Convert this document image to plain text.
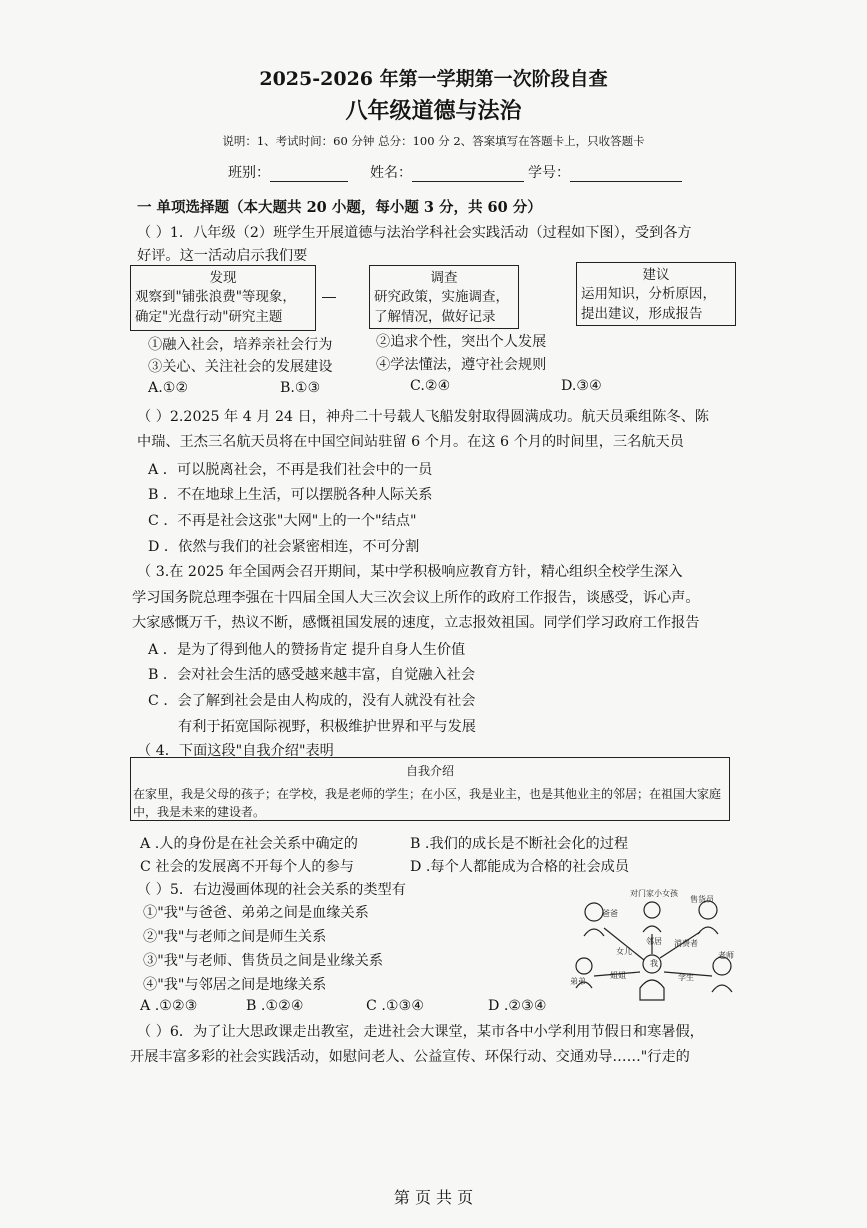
2025-2026 年第一学期第一次阶段自查
八年级道德与法治
说明：1、考试时间：60 分钟 总分：100 分 2、答案填写在答题卡上，只收答题卡
班别：	姓名：	学号：
一 单项选择题（本大题共 20 小题，每小题 3 分，共 60 分）
（ ）1．八年级（2）班学生开展道德与法治学科社会实践活动（过程如下图），受到各方
好评。这一活动启示我们要
发现
观察到"铺张浪费"等现象，
确定"光盘行动"研究主题
调查
研究政策，实施调查，
了解情况，做好记录
建议
运用知识，分析原因，
提出建议，形成报告
①融入社会，培养亲社会行为	②追求个性，突出个人发展
③关心、关注社会的发展建设	④学法懂法，遵守社会规则
A.①②	B.①③	C.②④	D.③④
（ ）2.2025 年 4 月 24 日，神舟二十号载人飞船发射取得圆满成功。航天员乘组陈冬、陈
中瑞、王杰三名航天员将在中国空间站驻留 6 个月。在这 6 个月的时间里，三名航天员
A ．可以脱离社会，不再是我们社会中的一员
B ．不在地球上生活，可以摆脱各种人际关系
C ．不再是社会这张"大网"上的一个"结点"
D ．依然与我们的社会紧密相连，不可分割
（ 3.在 2025 年全国两会召开期间，某中学积极响应教育方针，精心组织全校学生深入
学习国务院总理李强在十四届全国人大三次会议上所作的政府工作报告，谈感受，诉心声。
大家感慨万千，热议不断，感慨祖国发展的速度，立志报效祖国。同学们学习政府工作报告
A ．是为了得到他人的赞扬肯定 提升自身人生价值
B ．会对社会生活的感受越来越丰富，自觉融入社会
C ．会了解到社会是由人构成的，没有人就没有社会
有利于拓宽国际视野，积极维护世界和平与发展
（ 4．下面这段"自我介绍"表明
自我介绍
在家里，我是父母的孩子；在学校，我是老师的学生；在小区，我是业主，也是其他业主的邻居；在祖国大家庭中，我是未来的建设者。
A .人的身份是在社会关系中确定的	B .我们的成长是不断社会化的过程
C 社会的发展离不开每个人的参与	D .每个人都能成为合格的社会成员
（ ）5．右边漫画体现的社会关系的类型有
①"我"与爸爸、弟弟之间是血缘关系
②"我"与老师之间是师生关系
③"我"与老师、售货员之间是业缘关系
④"我"与邻居之间是地缘关系
A .①②③	B .①②④	C .①③④	D .②③④
对门家小女孩
爸爸
售货员
邻居 消费者
女儿
我
弟弟
姐姐	学生
老师
（ ）6．为了让大思政课走出教室，走进社会大课堂，某市各中小学利用节假日和寒暑假，
开展丰富多彩的社会实践活动，如慰问老人、公益宣传、环保行动、交通劝导……"行走的
第 页 共 页
